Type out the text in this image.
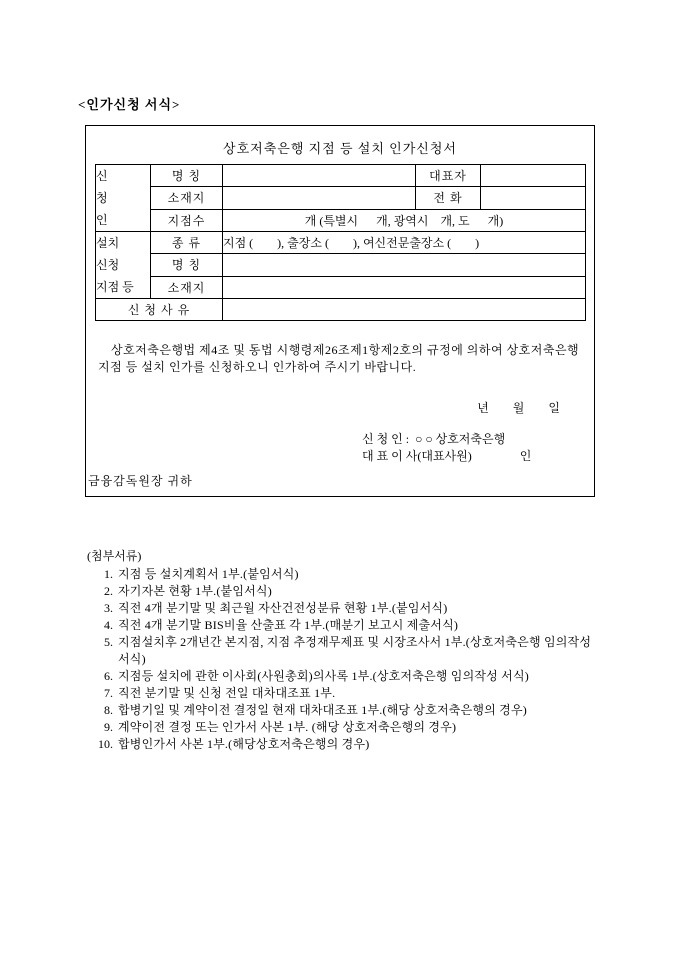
<인가신청 서식>
상호저축은행 지점 등 설치 인가신청서
신
청
인	명 칭		대표자	
	소재지		전 화	
	지점수	개 (특별시      개, 광역시    개, 도      개)		

설치
신청
지점 등	종 류	지점 (        ), 출장소 (        ), 여신전문출장소 (        )		
	명 칭			
	소재지			
신 청 사 유				

상호저축은행법 제4조 및 동법 시행령제26조제1항제2호의 규정에 의하여 상호저축은행 지점 등 설치 인가를 신청하오니 인가하여 주시기 바랍니다.

년        월        일
신 청 인 :  ○ ○ 상호저축은행
대 표 이 사(대표사원)                인
금융감독원장 귀하
(첨부서류)
1. 지점 등 설치계획서 1부.(붙임서식)
2. 자기자본 현황 1부.(붙임서식)
3. 직전 4개 분기말 및 최근월 자산건전성분류 현황 1부.(붙임서식)
4. 직전 4개 분기말 BIS비율 산출표 각 1부.(매분기 보고시 제출서식)
5. 지점설치후 2개년간 본지점, 지점 추정재무제표 및 시장조사서 1부.(상호저축은행 임의작성 서식)
6. 지점등 설치에 관한 이사회(사원총회)의사록 1부.(상호저축은행 임의작성 서식)
7. 직전 분기말 및 신청 전일 대차대조표 1부.
8. 합병기일 및 계약이전 결정일 현재 대차대조표 1부.(해당 상호저축은행의 경우)
9. 계약이전 결정 또는 인가서 사본 1부. (해당 상호저축은행의 경우)
10. 합병인가서 사본 1부.(해당상호저축은행의 경우)
